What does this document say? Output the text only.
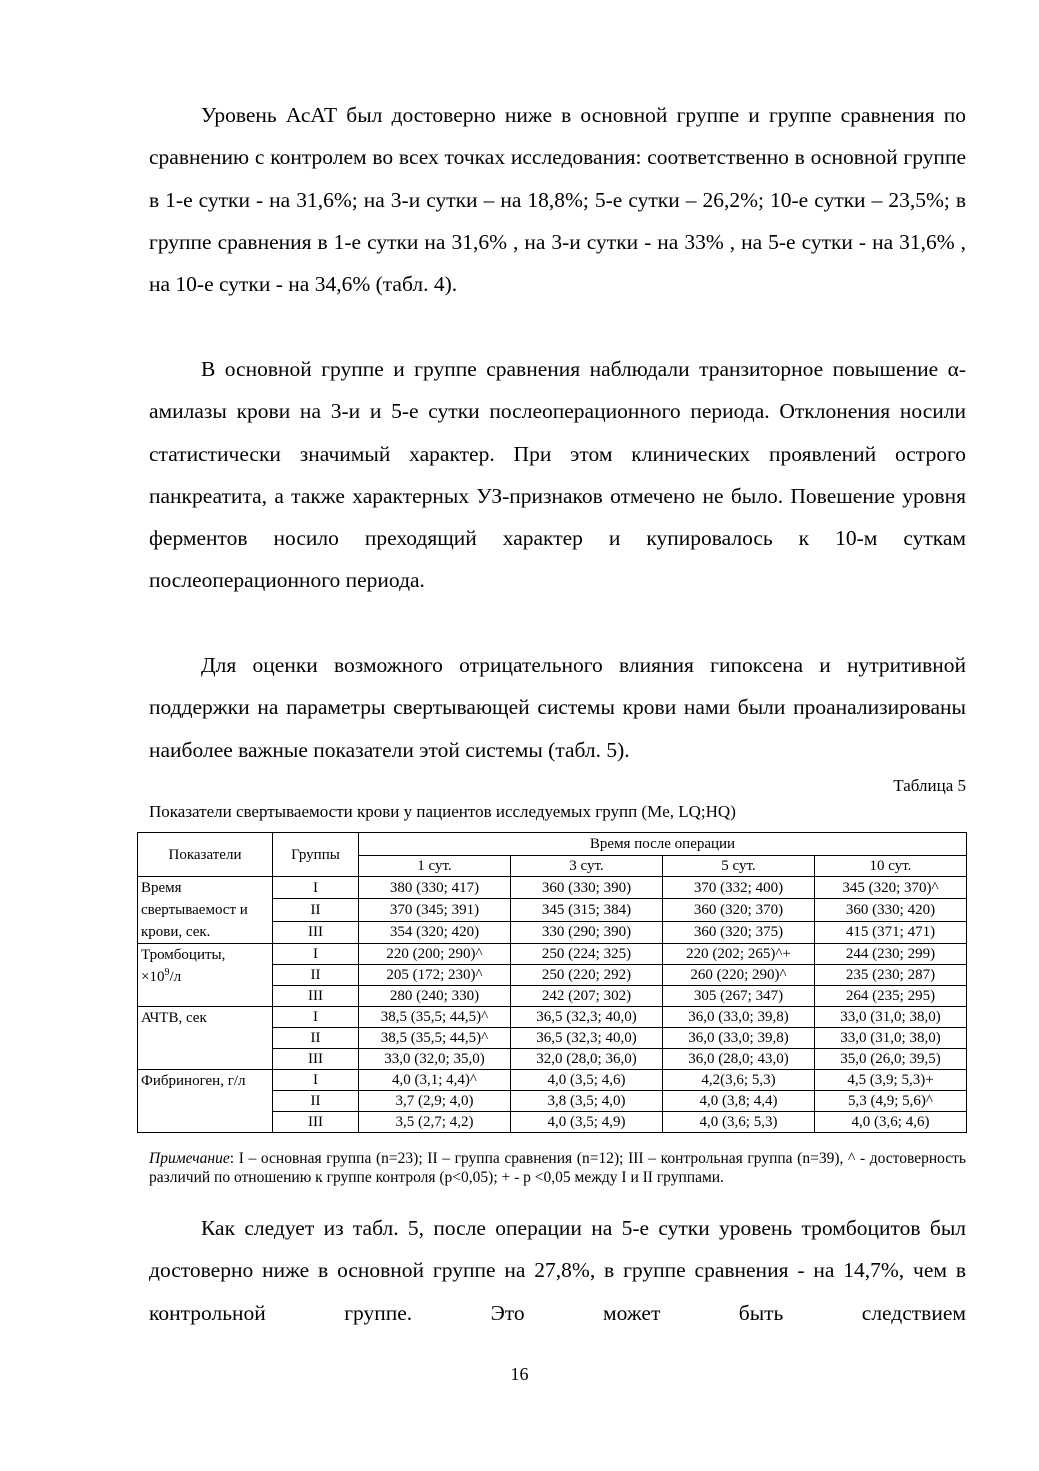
Уровень АсАТ был достоверно ниже в основной группе и группе сравнения по сравнению с контролем во всех точках исследования: соответственно в основной группе в 1-е сутки - на 31,6%; на 3-и сутки – на 18,8%; 5-е сутки – 26,2%; 10-е сутки – 23,5%; в группе сравнения в 1-е сутки на 31,6% , на 3-и сутки - на 33% , на 5-е сутки - на 31,6% , на 10-е сутки - на 34,6% (табл. 4).

В основной группе и группе сравнения наблюдали транзиторное повышение α-амилазы крови на 3-и и 5-е сутки послеоперационного периода. Отклонения носили статистически значимый характер. При этом клинических проявлений острого панкреатита, а также характерных УЗ-признаков отмечено не было. Повешение уровня ферментов носило преходящий характер и купировалось к 10-м суткам послеоперационного периода.

Для оценки возможного отрицательного влияния гипоксена и нутритивной поддержки на параметры свертывающей системы крови нами были проанализированы наиболее важные показатели этой системы (табл. 5).

Таблица 5

Показатели свертываемости крови у пациентов исследуемых групп (Me, LQ;HQ)

Показатели	Группы	Время после операции			
		1 сут.	3 сут.	5 сут.	10 сут.
Время свертываемост и крови, сек.	I	380 (330; 417)	360 (330; 390)	370 (332; 400)	345 (320; 370)^
	II	370 (345; 391)	345 (315; 384)	360 (320; 370)	360 (330; 420)
	III	354 (320; 420)	330 (290; 390)	360 (320; 375)	415 (371; 471)
Тромбоциты,
$\times 10^9/л$	I	220 (200; 290)^	250 (224; 325)	220 (202; 265)^+	244 (230; 299)
	II	205 (172; 230)^	250 (220; 292)	260 (220; 290)^	235 (230; 287)
	III	280 (240; 330)	242 (207; 302)	305 (267; 347)	264 (235; 295)
АЧТВ, сек	I	38,5 (35,5; 44,5)^	36,5 (32,3; 40,0)	36,0 (33,0; 39,8)	33,0 (31,0; 38,0)
	II	38,5 (35,5; 44,5)^	36,5 (32,3; 40,0)	36,0 (33,0; 39,8)	33,0 (31,0; 38,0)
	III	33,0 (32,0; 35,0)	32,0 (28,0; 36,0)	36,0 (28,0; 43,0)	35,0 (26,0; 39,5)
Фибриноген, г/л	I	4,0 (3,1; 4,4)^	4,0 (3,5; 4,6)	4,2(3,6; 5,3)	4,5 (3,9; 5,3)+
	II	3,7 (2,9; 4,0)	3,8 (3,5; 4,0)	4,0 (3,8; 4,4)	5,3 (4,9; 5,6)^
	III	3,5 (2,7; 4,2)	4,0 (3,5; 4,9)	4,0 (3,6; 5,3)	4,0 (3,6; 4,6)

Примечание: I – основная группа (n=23); II – группа сравнения (n=12); III – контрольная группа (n=39), ^ - достоверность различий по отношению к группе контроля (p<0,05); + - p <0,05 между I и II группами.

Как следует из табл. 5, после операции на 5-е сутки уровень тромбоцитов был достоверно ниже в основной группе на 27,8%, в группе сравнения - на 14,7%, чем в контрольной группе. Это может быть следствием

16
